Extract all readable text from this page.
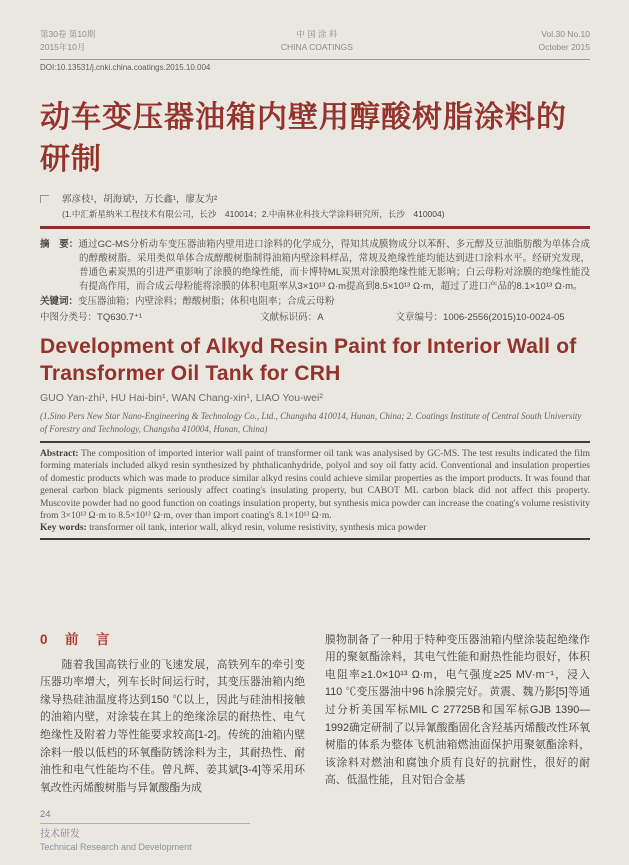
第30卷 第10期
2015年10月
中 国 涂 料
CHINA COATINGS
Vol.30 No.10
October 2015
DOI:10.13531/j.cnki.china.coatings.2015.10.004
动车变压器油箱内壁用醇酸树脂涂料的研制
郭彦枝¹，胡海斌¹，万长鑫¹，廖友为²
(1.中汇新星纳米工程技术有限公司，长沙　410014；2.中南林业科技大学涂料研究所，长沙　410004)

摘　要：通过GC-MS分析动车变压器油箱内壁用进口涂料的化学成分，得知其成膜物成分以苯酐、多元醇及豆油脂肪酸为单体合成的醇酸树脂。采用类似单体合成醇酸树脂制得油箱内壁涂料样品，常规及绝缘性能均能达到进口涂料水平。经研究发现，普通色素炭黑的引进严重影响了涂膜的绝缘性能，而卡博特ML炭黑对涂膜绝缘性能无影响；白云母粉对涂膜的绝缘性能没有提高作用，而合成云母粉能将涂膜的体积电阻率从3×10¹³ Ω·m提高到8.5×10¹³ Ω·m，超过了进口产品的8.1×10¹³ Ω·m。

关键词：变压器油箱；内壁涂料；醇酸树脂；体积电阻率；合成云母粉

中图分类号：TQ630.7⁺¹	文献标识码：A	文章编号：1006-2556(2015)10-0024-05
Development of Alkyd Resin Paint for Interior Wall of
Transformer Oil Tank for CRH
GUO Yan-zhi¹, HU Hai-bin¹, WAN Chang-xin¹, LIAO You-wei²
(1.Sino Pers New Star Nano-Engineering & Technology Co., Ltd., Changsha 410014, Hunan, China; 2. Coatings Institute of Central South University of Forestry and Technology, Changsha 410004, Hunan, China)

Abstract: The composition of imported interior wall paint of transformer oil tank was analysised by GC-MS. The test results indicated the film forming materials included alkyd resin synthesized by phthalicanhydride, polyol and soy oil fatty acid. Conventional and insulation properties of domestic products which was made to produce similar alkyd resins could achieve similar properties as the import products. It was found that general carbon black pigments seriously affect coating's insulating property, but CABOT ML carbon black did not affect this property. Muscovite powder had no good function on coatings insulation property, but synthesis mica powder can increase the coating's volume resistivity from 3×10¹³ Ω·m to 8.5×10¹³ Ω·m, over than import coating's 8.1×10¹³ Ω·m.

Key words: transformer oil tank, interior wall, alkyd resin, volume resistivity, synthesis mica powder

0　前　言

随着我国高铁行业的飞速发展，高铁列车的牵引变压器功率增大，列车长时间运行时，其变压器油箱内绝缘导热硅油温度将达到150 ℃以上，因此与硅油相接触的油箱内壁，对涂装在其上的绝缘涂层的耐热性、电气绝缘性及附着力等性能要求较高[1-2]。传统的油箱内壁涂料一般以低档的环氧酯防锈涂料为主，其耐热性、耐油性和电气性能均不佳。曾凡辉、姜其斌[3-4]等采用环氧改性丙烯酸树脂与异氰酸酯为成

膜物制备了一种用于特种变压器油箱内壁涂装起绝缘作用的聚氨酯涂料，其电气性能和耐热性能均很好，体积电阻率≥1.0×10¹³ Ω·m，电气强度≥25 MV·m⁻¹，浸入110 ℃变压器油中96 h涂膜完好。黄震、魏乃影[5]等通过分析美国军标MIL C 27725B和国军标GJB 1390—1992确定研制了以异氰酸酯固化含羟基丙烯酸改性环氧树脂的体系为整体飞机油箱燃油面保护用聚氨酯涂料，该涂料对燃油和腐蚀介质有良好的抗耐性，很好的耐高、低温性能，且对铝合金基

24
技术研发
Technical Research and Development
